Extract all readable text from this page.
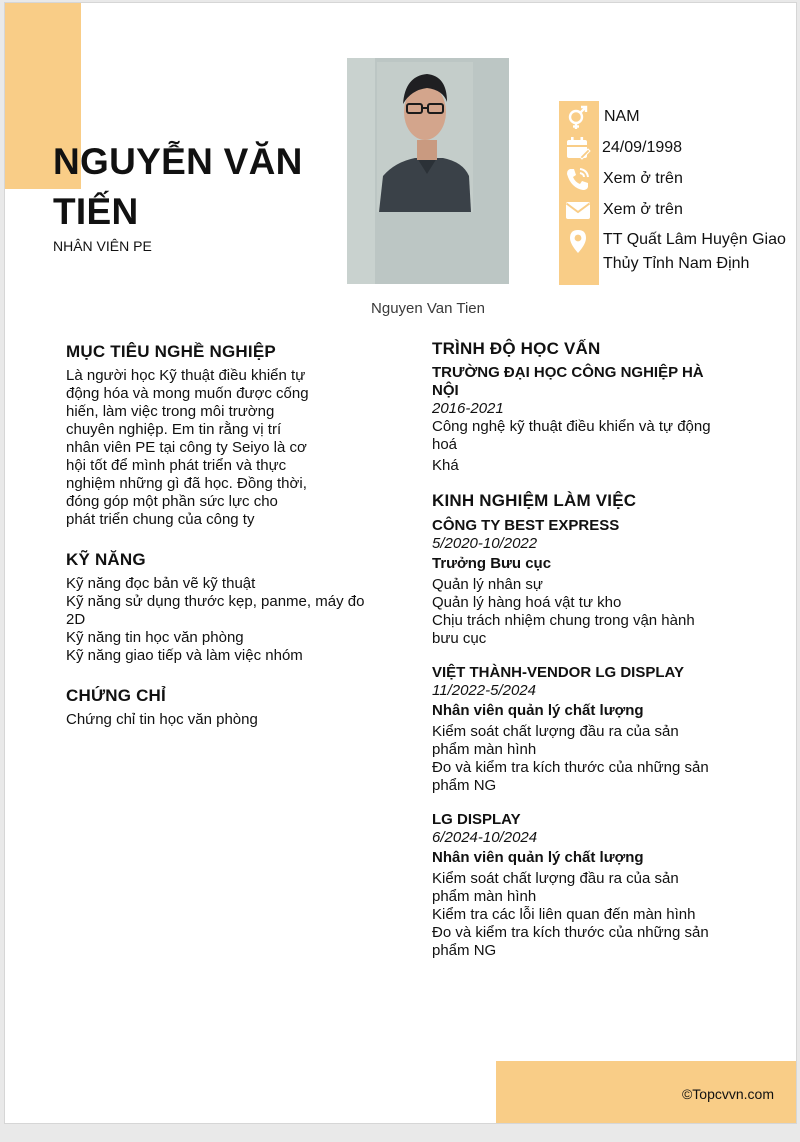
NGUYỄN VĂN
TIẾN
NHÂN VIÊN PE
Nguyen Van Tien
NAM
24/09/1998
Xem ở trên
Xem ở trên
TT Quất Lâm Huyện Giao
Thủy Tỉnh Nam Định
MỤC TIÊU NGHỀ NGHIỆP
Là người học Kỹ thuật điều khiển tự
động hóa và mong muốn được cống
hiến, làm việc trong môi trường
chuyên nghiệp. Em tin rằng vị trí
nhân viên PE tại công ty Seiyo là cơ
hội tốt để mình phát triển và thực
nghiệm những gì đã học. Đồng thời,
đóng góp một phần sức lực cho
phát triển chung của công ty
KỸ NĂNG
Kỹ năng đọc bản vẽ kỹ thuật
Kỹ năng sử dụng thước kẹp, panme, máy đo
2D
Kỹ năng tin học văn phòng
Kỹ năng giao tiếp và làm việc nhóm
CHỨNG CHỈ
Chứng chỉ tin học văn phòng
TRÌNH ĐỘ HỌC VẤN
TRƯỜNG ĐẠI HỌC CÔNG NGHIỆP HÀ
NỘI
2016-2021
Công nghệ kỹ thuật điều khiển và tự động
hoá
Khá
KINH NGHIỆM LÀM VIỆC
CÔNG TY BEST EXPRESS
5/2020-10/2022
Trưởng Bưu cục
Quản lý nhân sự
Quản lý hàng hoá vật tư kho
Chịu trách nhiệm chung trong vận hành
bưu cục
VIỆT THÀNH-VENDOR LG DISPLAY
11/2022-5/2024
Nhân viên quản lý chất lượng
Kiểm soát chất lượng đầu ra của sản
phẩm màn hình
Đo và kiểm tra kích thước của những sản
phẩm NG
LG DISPLAY
6/2024-10/2024
Nhân viên quản lý chất lượng
Kiểm soát chất lượng đầu ra của sản
phẩm màn hình
Kiểm tra các lỗi liên quan đến màn hình
Đo và kiểm tra kích thước của những sản
phẩm NG
©Topcvvn.com
